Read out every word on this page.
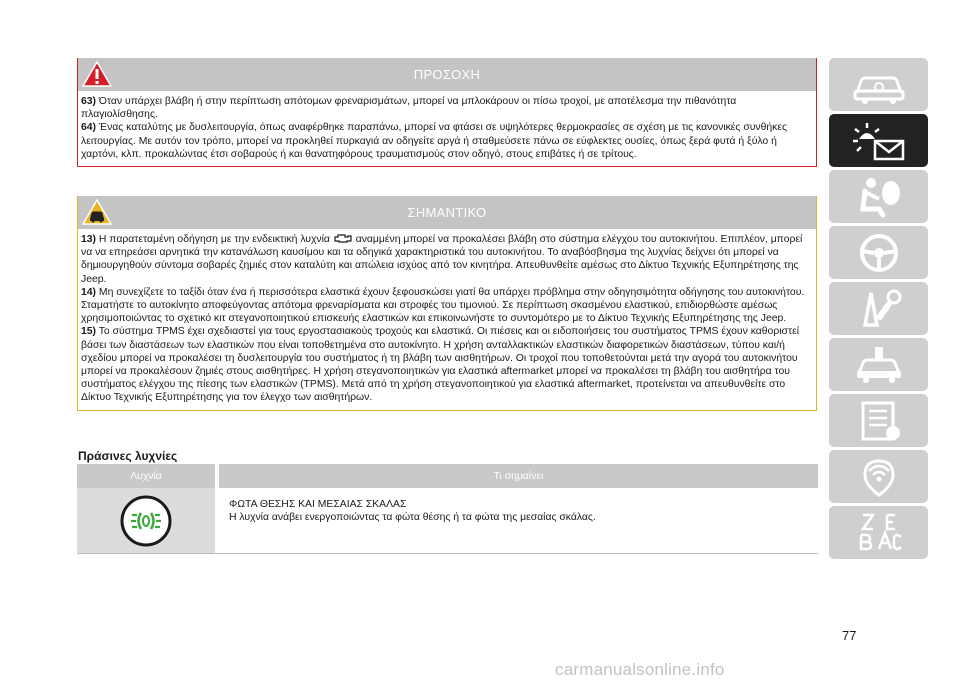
ΠΡΟΣΟΧΗ

63) Όταν υπάρχει βλάβη ή στην περίπτωση απότομων φρεναρισμάτων, μπορεί να μπλοκάρουν οι πίσω τροχοί, με αποτέλεσμα την πιθανότητα πλαγιολίσθησης.

64) Ένας καταλύτης με δυσλειτουργία, όπως αναφέρθηκε παραπάνω, μπορεί να φτάσει σε υψηλότερες θερμοκρασίες σε σχέση με τις κανονικές συνθήκες λειτουργίας. Με αυτόν τον τρόπο, μπορεί να προκληθεί πυρκαγιά αν οδηγείτε αργά ή σταθμεύσετε πάνω σε εύφλεκτες ουσίες, όπως ξερά φυτά ή ξύλο ή χαρτόνι, κλπ. προκαλώντας έτσι σοβαρούς ή και θανατηφόρους τραυματισμούς στον οδηγό, στους επιβάτες ή σε τρίτους.

ΣΗΜΑΝΤΙΚΟ

13) Η παρατεταμένη οδήγηση με την ενδεικτική λυχνία  αναμμένη μπορεί να προκαλέσει βλάβη στο σύστημα ελέγχου του αυτοκινήτου. Επιπλέον, μπορεί να να επηρεάσει αρνητικά την κατανάλωση καυσίμου και τα οδηγικά χαρακτηριστικά του αυτοκινήτου. Το αναβόσβησμα της λυχνίας δείχνει ότι μπορεί να δημιουργηθούν σύντομα σοβαρές ζημιές στον καταλύτη και απώλεια ισχύος από τον κινητήρα. Απευθυνθείτε αμέσως στο Δίκτυο Τεχνικής Εξυπηρέτησης της Jeep.

14) Μη συνεχίζετε το ταξίδι όταν ένα ή περισσότερα ελαστικά έχουν ξεφουσκώσει γιατί θα υπάρχει πρόβλημα στην οδηγησιμότητα οδήγησης του αυτοκινήτου. Σταματήστε το αυτοκίνητο αποφεύγοντας απότομα φρεναρίσματα και στροφές του τιμονιού. Σε περίπτωση σκασμένου ελαστικού, επιδιορθώστε αμέσως χρησιμοποιώντας το σχετικό κιτ στεγανοποιητικού επισκευής ελαστικών και επικοινωνήστε το συντομότερο με το Δίκτυο Τεχνικής Εξυπηρέτησης της Jeep.

15) Το σύστημα TPMS έχει σχεδιαστεί για τους εργοστασιακούς τροχούς και ελαστικά. Οι πιέσεις και οι ειδοποιήσεις του συστήματος TPMS έχουν καθοριστεί βάσει των διαστάσεων των ελαστικών που είναι τοποθετημένα στο αυτοκίνητο. Η χρήση ανταλλακτικών ελαστικών διαφορετικών διαστάσεων, τύπου και/ή σχεδίου μπορεί να προκαλέσει τη δυσλειτουργία του συστήματος ή τη βλάβη των αισθητήρων. Οι τροχοί που τοποθετούνται μετά την αγορά του αυτοκινήτου μπορεί να προκαλέσουν ζημιές στους αισθητήρες. Η χρήση στεγανοποιητικών για ελαστικά aftermarket μπορεί να προκαλέσει τη βλάβη του αισθητήρα του συστήματος ελέγχου της πίεσης των ελαστικών (TPMS). Μετά από τη χρήση στεγανοποιητικού για ελαστικά aftermarket, προτείνεται να απευθυνθείτε στο Δίκτυο Τεχνικής Εξυπηρέτησης για τον έλεγχο των αισθητήρων.

Πράσινες λυχνίες
Λυχνία	Τι σημαίνει

ΦΩΤΑ ΘΕΣΗΣ ΚΑΙ ΜΕΣΑΙΑΣ ΣΚΑΛΑΣ

Η λυχνία ανάβει ενεργοποιώντας τα φώτα θέσης ή τα φώτα της μεσαίας σκάλας.

77
carmanualsonline.info
